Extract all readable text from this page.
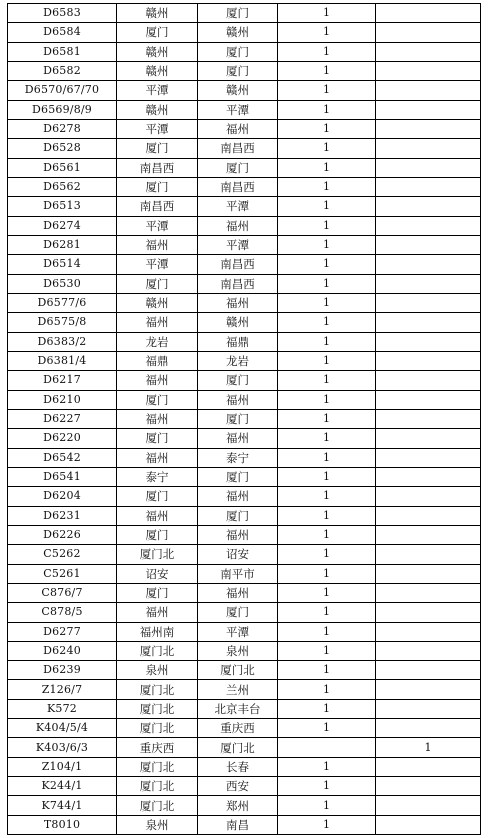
D6583	赣州	厦门	1	
D6584	厦门	赣州	1	
D6581	赣州	厦门	1	
D6582	赣州	厦门	1	
D6570/67/70	平潭	赣州	1	
D6569/8/9	赣州	平潭	1	
D6278	平潭	福州	1	
D6528	厦门	南昌西	1	
D6561	南昌西	厦门	1	
D6562	厦门	南昌西	1	
D6513	南昌西	平潭	1	
D6274	平潭	福州	1	
D6281	福州	平潭	1	
D6514	平潭	南昌西	1	
D6530	厦门	南昌西	1	
D6577/6	赣州	福州	1	
D6575/8	福州	赣州	1	
D6383/2	龙岩	福鼎	1	
D6381/4	福鼎	龙岩	1	
D6217	福州	厦门	1	
D6210	厦门	福州	1	
D6227	福州	厦门	1	
D6220	厦门	福州	1	
D6542	福州	泰宁	1	
D6541	泰宁	厦门	1	
D6204	厦门	福州	1	
D6231	福州	厦门	1	
D6226	厦门	福州	1	
C5262	厦门北	诏安	1	
C5261	诏安	南平市	1	
C876/7	厦门	福州	1	
C878/5	福州	厦门	1	
D6277	福州南	平潭	1	
D6240	厦门北	泉州	1	
D6239	泉州	厦门北	1	
Z126/7	厦门北	兰州	1	
K572	厦门北	北京丰台	1	
K404/5/4	厦门北	重庆西	1	
K403/6/3	重庆西	厦门北		1
Z104/1	厦门北	长春	1	
K244/1	厦门北	西安	1	
K744/1	厦门北	郑州	1	
T8010	泉州	南昌	1	
